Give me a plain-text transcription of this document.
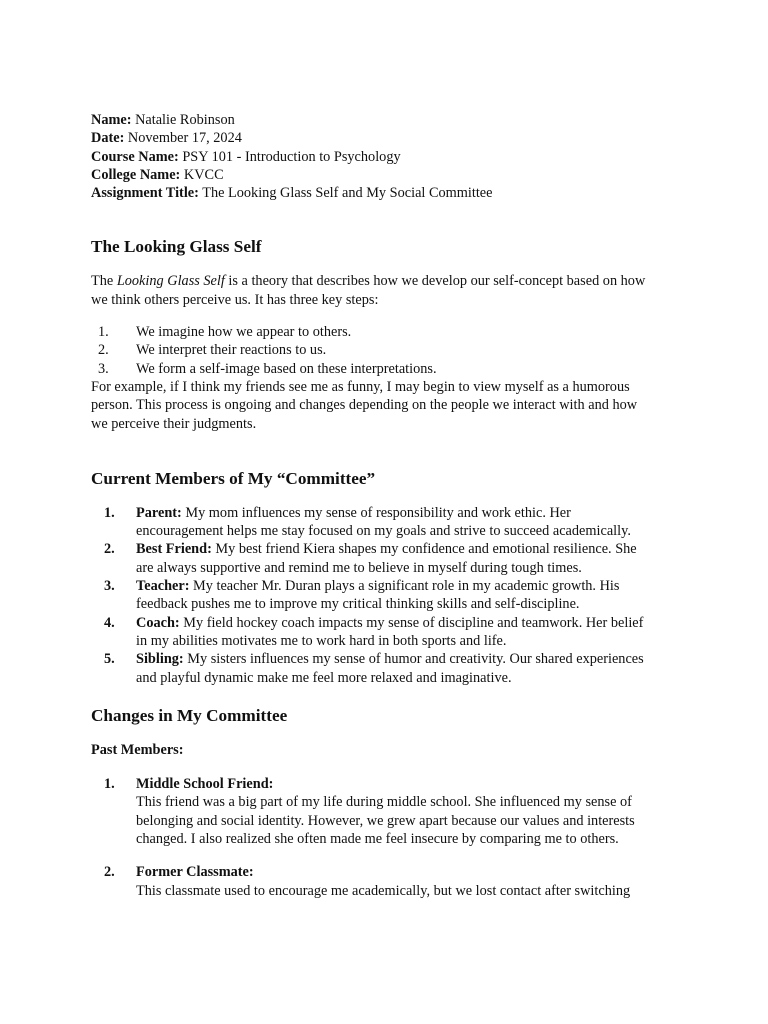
Name: Natalie Robinson

Date: November 17, 2024

Course Name: PSY 101 - Introduction to Psychology

College Name: KVCC

Assignment Title: The Looking Glass Self and My Social Committee

The Looking Glass Self

The Looking Glass Self is a theory that describes how we develop our self-concept based on how
we think others perceive us. It has three key steps:

1. We imagine how we appear to others.
2. We interpret their reactions to us.
3. We form a self-image based on these interpretations.

For example, if I think my friends see me as funny, I may begin to view myself as a humorous
person. This process is ongoing and changes depending on the people we interact with and how
we perceive their judgments.

Current Members of My “Committee”
1. Parent: My mom influences my sense of responsibility and work ethic. Her
encouragement helps me stay focused on my goals and strive to succeed academically.
2. Best Friend: My best friend Kiera shapes my confidence and emotional resilience. She
are always supportive and remind me to believe in myself during tough times.
3. Teacher: My teacher Mr. Duran plays a significant role in my academic growth. His
feedback pushes me to improve my critical thinking skills and self-discipline.
4. Coach: My field hockey coach impacts my sense of discipline and teamwork. Her belief
in my abilities motivates me to work hard in both sports and life.
5. Sibling: My sisters influences my sense of humor and creativity. Our shared experiences
and playful dynamic make me feel more relaxed and imaginative.
Changes in My Committee

Past Members:

1. Middle School Friend:
This friend was a big part of my life during middle school. She influenced my sense of
belonging and social identity. However, we grew apart because our values and interests
changed. I also realized she often made me feel insecure by comparing me to others.
2. Former Classmate:
This classmate used to encourage me academically, but we lost contact after switching
